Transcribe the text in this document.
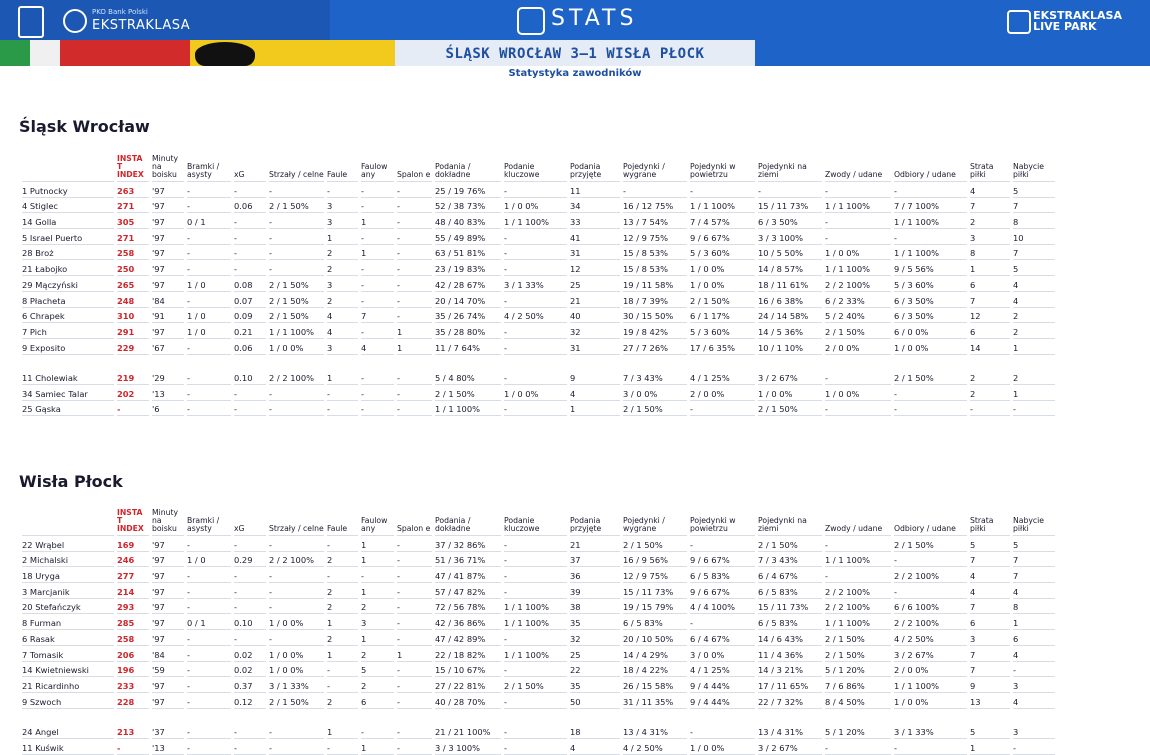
PKO Bank Polski
EKSTRAKLASA	STATS	EKSTRAKLASA
LIVE PARK
ŚLĄSK WROCŁAW 3–1 WISŁA PŁOCK
Statystyka zawodników
Śląsk Wrocław
	INSTA T INDEX	Minuty na boisku	Bramki / asysty	xG	Strzały / celne	Faule	Faulow any	Spalon e	Podania / dokładne	Podanie kluczowe	Podania przyjęte	Pojedynki / wygrane	Pojedynki w powietrzu	Pojedynki na ziemi	Zwody / udane	Odbiory / udane	Strata piłki	Nabycie piłki
1 Putnocky	263	'97	-	-	-	-	-	-	25 / 19 76%	-	11	-	-	-	-	-	4	5
4 Stiglec	271	'97	-	0.06	2 / 1 50%	3	-	-	52 / 38 73%	1 / 0 0%	34	16 / 12 75%	1 / 1 100%	15 / 11 73%	1 / 1 100%	7 / 7 100%	7	7
14 Golla	305	'97	0 / 1	-	-	3	1	-	48 / 40 83%	1 / 1 100%	33	13 / 7 54%	7 / 4 57%	6 / 3 50%	-	1 / 1 100%	2	8
5 Israel Puerto	271	'97	-	-	-	1	-	-	55 / 49 89%	-	41	12 / 9 75%	9 / 6 67%	3 / 3 100%	-	-	3	10
28 Broż	258	'97	-	-	-	2	1	-	63 / 51 81%	-	31	15 / 8 53%	5 / 3 60%	10 / 5 50%	1 / 0 0%	1 / 1 100%	8	7
21 Łabojko	250	'97	-	-	-	2	-	-	23 / 19 83%	-	12	15 / 8 53%	1 / 0 0%	14 / 8 57%	1 / 1 100%	9 / 5 56%	1	5
29 Mączyński	265	'97	1 / 0	0.08	2 / 1 50%	3	-	-	42 / 28 67%	3 / 1 33%	25	19 / 11 58%	1 / 0 0%	18 / 11 61%	2 / 2 100%	5 / 3 60%	6	4
8 Płacheta	248	'84	-	0.07	2 / 1 50%	2	-	-	20 / 14 70%	-	21	18 / 7 39%	2 / 1 50%	16 / 6 38%	6 / 2 33%	6 / 3 50%	7	4
6 Chrapek	310	'91	1 / 0	0.09	2 / 1 50%	4	7	-	35 / 26 74%	4 / 2 50%	40	30 / 15 50%	6 / 1 17%	24 / 14 58%	5 / 2 40%	6 / 3 50%	12	2
7 Pich	291	'97	1 / 0	0.21	1 / 1 100%	4	-	1	35 / 28 80%	-	32	19 / 8 42%	5 / 3 60%	14 / 5 36%	2 / 1 50%	6 / 0 0%	6	2
9 Exposito	229	'67	-	0.06	1 / 0 0%	3	4	1	11 / 7 64%	-	31	27 / 7 26%	17 / 6 35%	10 / 1 10%	2 / 0 0%	1 / 0 0%	14	1

11 Cholewiak	219	'29	-	0.10	2 / 2 100%	1	-	-	5 / 4 80%	-	9	7 / 3 43%	4 / 1 25%	3 / 2 67%	-	2 / 1 50%	2	2
34 Samiec Talar	202	'13	-	-	-	-	-	-	2 / 1 50%	1 / 0 0%	4	3 / 0 0%	2 / 0 0%	1 / 0 0%	1 / 0 0%	-	2	1
25 Gąska	-	'6	-	-	-	-	-	-	1 / 1 100%	-	1	2 / 1 50%	-	2 / 1 50%	-	-	-	-
Wisła Płock
	INSTA T INDEX	Minuty na boisku	Bramki / asysty	xG	Strzały / celne	Faule	Faulow any	Spalon e	Podania / dokładne	Podanie kluczowe	Podania przyjęte	Pojedynki / wygrane	Pojedynki w powietrzu	Pojedynki na ziemi	Zwody / udane	Odbiory / udane	Strata piłki	Nabycie piłki
22 Wrąbel	169	'97	-	-	-	-	1	-	37 / 32 86%	-	21	2 / 1 50%	-	2 / 1 50%	-	2 / 1 50%	5	5
2 Michalski	246	'97	1 / 0	0.29	2 / 2 100%	2	1	-	51 / 36 71%	-	37	16 / 9 56%	9 / 6 67%	7 / 3 43%	1 / 1 100%	-	7	7
18 Uryga	277	'97	-	-	-	-	-	-	47 / 41 87%	-	36	12 / 9 75%	6 / 5 83%	6 / 4 67%	-	2 / 2 100%	4	7
3 Marcjanik	214	'97	-	-	-	2	1	-	57 / 47 82%	-	39	15 / 11 73%	9 / 6 67%	6 / 5 83%	2 / 2 100%	-	4	4
20 Stefańczyk	293	'97	-	-	-	2	2	-	72 / 56 78%	1 / 1 100%	38	19 / 15 79%	4 / 4 100%	15 / 11 73%	2 / 2 100%	6 / 6 100%	7	8
8 Furman	285	'97	0 / 1	0.10	1 / 0 0%	1	3	-	42 / 36 86%	1 / 1 100%	35	6 / 5 83%	-	6 / 5 83%	1 / 1 100%	2 / 2 100%	6	1
6 Rasak	258	'97	-	-	-	2	1	-	47 / 42 89%	-	32	20 / 10 50%	6 / 4 67%	14 / 6 43%	2 / 1 50%	4 / 2 50%	3	6
7 Tomasik	206	'84	-	0.02	1 / 0 0%	1	2	1	22 / 18 82%	1 / 1 100%	25	14 / 4 29%	3 / 0 0%	11 / 4 36%	2 / 1 50%	3 / 2 67%	7	4
14 Kwietniewski	196	'59	-	0.02	1 / 0 0%	-	5	-	15 / 10 67%	-	22	18 / 4 22%	4 / 1 25%	14 / 3 21%	5 / 1 20%	2 / 0 0%	7	-
21 Ricardinho	233	'97	-	0.37	3 / 1 33%	-	2	-	27 / 22 81%	2 / 1 50%	35	26 / 15 58%	9 / 4 44%	17 / 11 65%	7 / 6 86%	1 / 1 100%	9	3
9 Szwoch	228	'97	-	0.12	2 / 1 50%	2	6	-	40 / 28 70%	-	50	31 / 11 35%	9 / 4 44%	22 / 7 32%	8 / 4 50%	1 / 0 0%	13	4

24 Angel	213	'37	-	-	-	1	-	-	21 / 21 100%	-	18	13 / 4 31%	-	13 / 4 31%	5 / 1 20%	3 / 1 33%	5	3
11 Kuświk	-	'13	-	-	-	-	1	-	3 / 3 100%	-	4	4 / 2 50%	1 / 0 0%	3 / 2 67%	-	-	1	-
